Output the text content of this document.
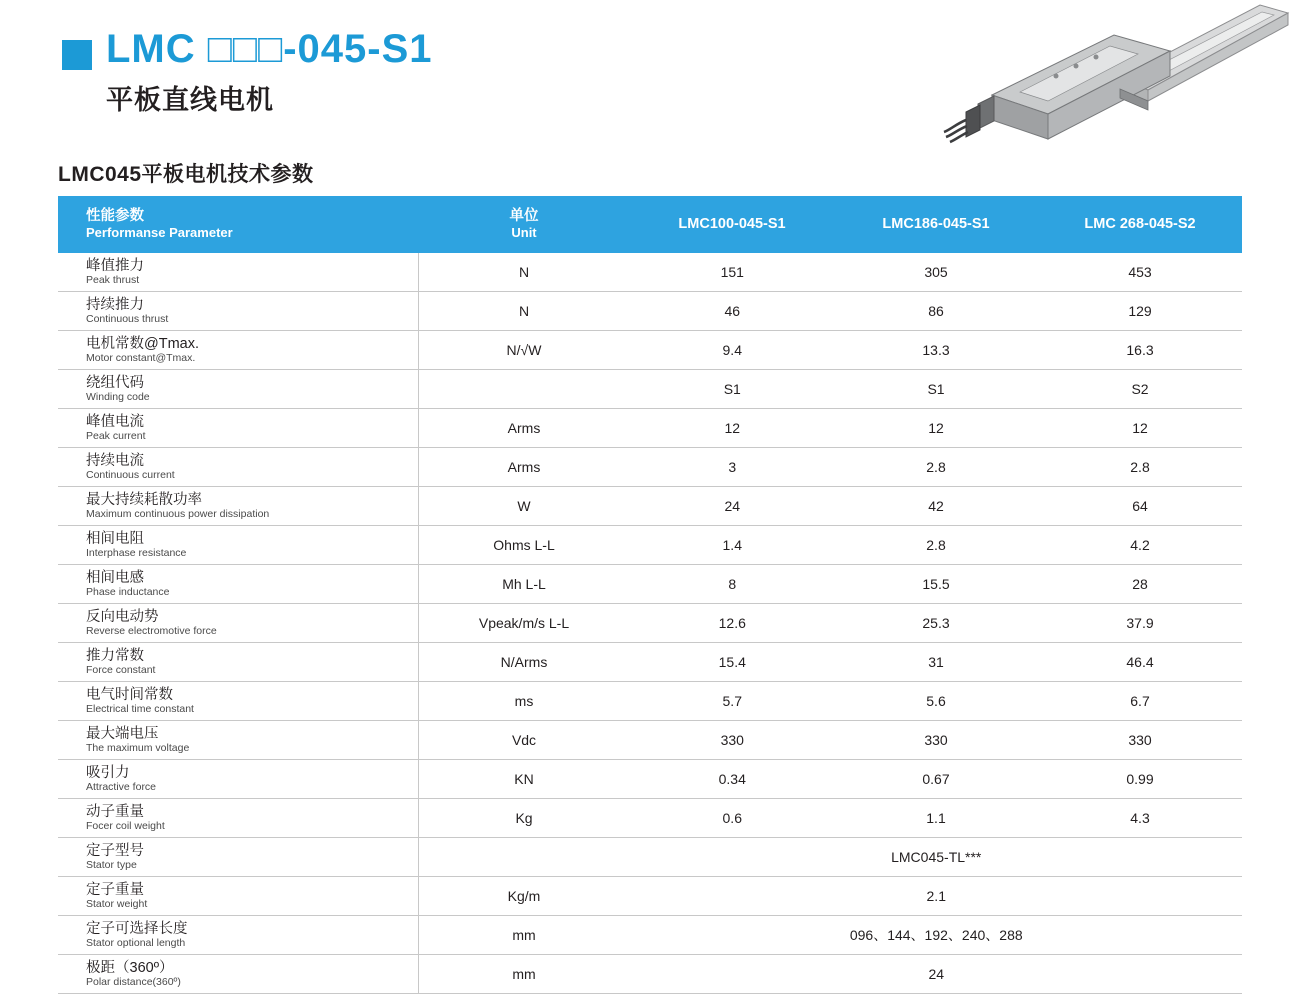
LMC □□□-045-S1
平板直线电机
LMC045平板电机技术参数
性能参数
Performanse Parameter	单位
Unit	LMC100-045-S1	LMC186-045-S1	LMC 268-045-S2

峰值推力
Peak thrust	N	151	305	453

持续推力
Continuous thrust	N	46	86	129

电机常数@Tmax.
Motor constant@Tmax.	N/√W	9.4	13.3	16.3

绕组代码
Winding code		S1	S1	S2

峰值电流
Peak current	Arms	12	12	12

持续电流
Continuous current	Arms	3	2.8	2.8

最大持续耗散功率
Maximum continuous power dissipation	W	24	42	64

相间电阻
Interphase resistance	Ohms L-L	1.4	2.8	4.2

相间电感
Phase inductance	Mh L-L	8	15.5	28

反向电动势
Reverse electromotive force	Vpeak/m/s L-L	12.6	25.3	37.9

推力常数
Force constant	N/Arms	15.4	31	46.4

电气时间常数
Electrical time constant	ms	5.7	5.6	6.7

最大端电压
The maximum voltage	Vdc	330	330	330

吸引力
Attractive force	KN	0.34	0.67	0.99

动子重量
Focer coil weight	Kg	0.6	1.1	4.3

定子型号
Stator type		LMC045-TL***		

定子重量
Stator weight	Kg/m	2.1		

定子可选择长度
Stator optional length	mm	096、144、192、240、288		

极距（360º）
Polar distance(360º)	mm	24		
